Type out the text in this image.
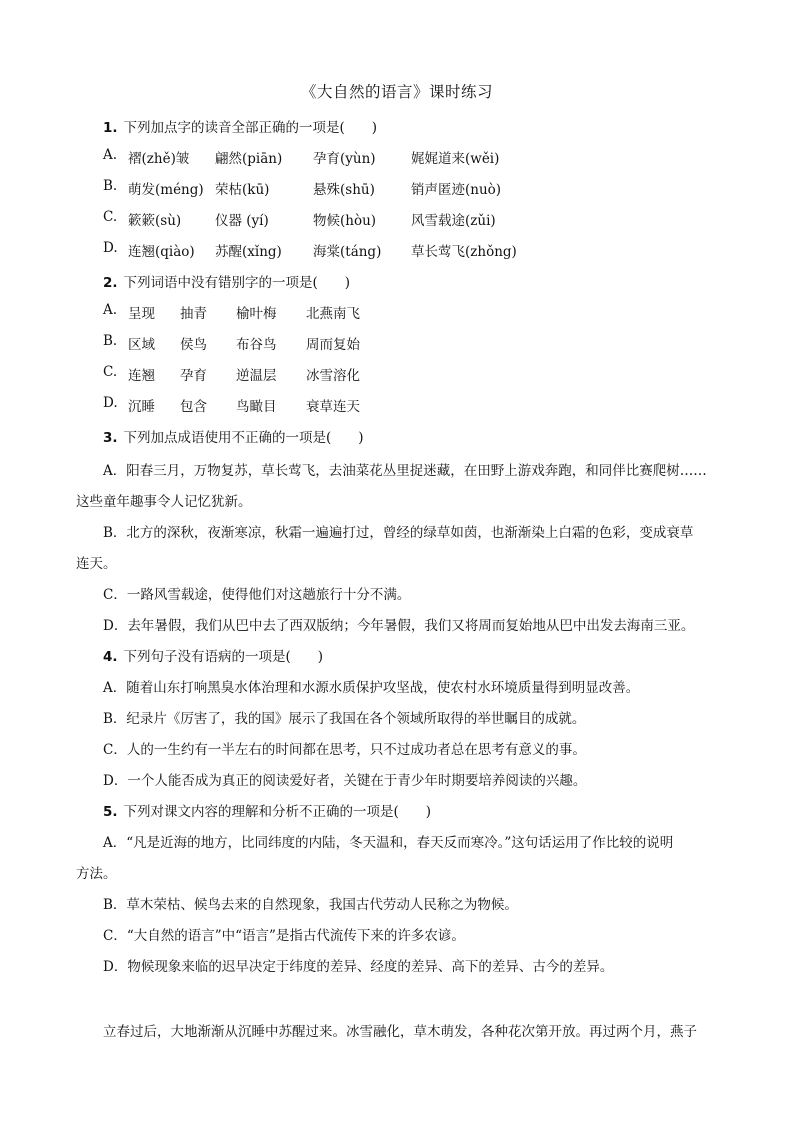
《大自然的语言》课时练习
1. 下列加点字的读音全部正确的一项是(　　)
A. 褶(zhě)皱 翩然(piān) 孕育(yùn)	娓娓道来(wěi)
B. 萌发(méng) 荣枯(kū)	悬殊(shū)	销声匿迹(nuò)
C. 簌簌(sù)	仪器 (yí)	物候(hòu)	风雪载途(zǔi)
D. 连翘(qiào) 苏醒(xǐng) 海棠(táng) 草长莺飞(zhǒng)
2. 下列词语中没有错别字的一项是(　　)
A. 呈现 抽青 榆叶梅 北燕南飞
B. 区域 侯鸟 布谷鸟 周而复始
C. 连翘 孕育 逆温层 冰雪溶化
D. 沉睡 包含 鸟瞰目 衰草连天
3. 下列加点成语使用不正确的一项是(　　)
A．阳春三月，万物复苏，草长莺飞，去油菜花丛里捉迷藏，在田野上游戏奔跑，和同伴比赛爬树……
这些童年趣事令人记忆犹新。
B．北方的深秋，夜渐寒凉，秋霜一遍遍打过，曾经的绿草如茵，也渐渐染上白霜的色彩，变成衰草
连天。
C．一路风雪载途，使得他们对这趟旅行十分不满。
D．去年暑假，我们从巴中去了西双版纳；今年暑假，我们又将周而复始地从巴中出发去海南三亚。
4. 下列句子没有语病的一项是(　　)
A．随着山东打响黑臭水体治理和水源水质保护攻坚战，使农村水环境质量得到明显改善。
B．纪录片《厉害了，我的国》展示了我国在各个领域所取得的举世瞩目的成就。
C．人的一生约有一半左右的时间都在思考，只不过成功者总在思考有意义的事。
D．一个人能否成为真正的阅读爱好者，关键在于青少年时期要培养阅读的兴趣。
5. 下列对课文内容的理解和分析不正确的一项是(　　)
A．“凡是近海的地方，比同纬度的内陆，冬天温和，春天反而寒冷。”这句话运用了作比较的说明
方法。
B．草木荣枯、候鸟去来的自然现象，我国古代劳动人民称之为物候。
C．“大自然的语言”中“语言”是指古代流传下来的许多农谚。
D．物候现象来临的迟早决定于纬度的差异、经度的差异、高下的差异、古今的差异。
立春过后，大地渐渐从沉睡中苏醒过来。冰雪融化，草木萌发，各种花次第开放。再过两个月，燕子
